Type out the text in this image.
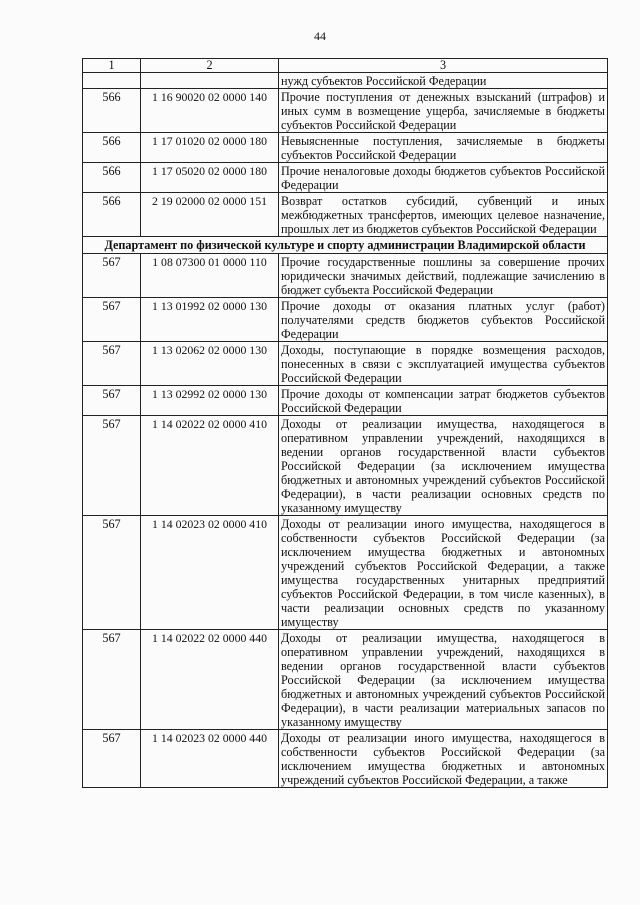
44
1	2	3
		нужд субъектов Российской Федерации
566	1 16 90020 02 0000 140	Прочие поступления от денежных взысканий (штрафов) и иных сумм в возмещение ущерба, зачисляемые в бюджеты субъектов Российской Федерации
566	1 17 01020 02 0000 180	Невыясненные поступления, зачисляемые в бюджеты субъектов Российской Федерации
566	1 17 05020 02 0000 180	Прочие неналоговые доходы бюджетов субъектов Российской Федерации
566	2 19 02000 02 0000 151	Возврат остатков субсидий, субвенций и иных межбюджетных трансфертов, имеющих целевое назначение, прошлых лет из бюджетов субъектов Российской Федерации
Департамент по физической культуре и спорту администрации Владимирской области		
567	1 08 07300 01 0000 110	Прочие государственные пошлины за совершение прочих юридически значимых действий, подлежащие зачислению в бюджет субъекта Российской Федерации
567	1 13 01992 02 0000 130	Прочие доходы от оказания платных услуг (работ) получателями средств бюджетов субъектов Российской Федерации
567	1 13 02062 02 0000 130	Доходы, поступающие в порядке возмещения расходов, понесенных в связи с эксплуатацией имущества субъектов Российской Федерации
567	1 13 02992 02 0000 130	Прочие доходы от компенсации затрат бюджетов субъектов Российской Федерации
567	1 14 02022 02 0000 410	Доходы от реализации имущества, находящегося в оперативном управлении учреждений, находящихся в ведении органов государственной власти субъектов Российской Федерации (за исключением имущества бюджетных и автономных учреждений субъектов Российской Федерации), в части реализации основных средств по указанному имуществу
567	1 14 02023 02 0000 410	Доходы от реализации иного имущества, находящегося в собственности субъектов Российской Федерации (за исключением имущества бюджетных и автономных учреждений субъектов Российской Федерации, а также имущества государственных унитарных предприятий субъектов Российской Федерации, в том числе казенных), в части реализации основных средств по указанному имуществу
567	1 14 02022 02 0000 440	Доходы от реализации имущества, находящегося в оперативном управлении учреждений, находящихся в ведении органов государственной власти субъектов Российской Федерации (за исключением имущества бюджетных и автономных учреждений субъектов Российской Федерации), в части реализации материальных запасов по указанному имуществу
567	1 14 02023 02 0000 440	Доходы от реализации иного имущества, находящегося в собственности субъектов Российской Федерации (за исключением имущества бюджетных и автономных учреждений субъектов Российской Федерации, а также
